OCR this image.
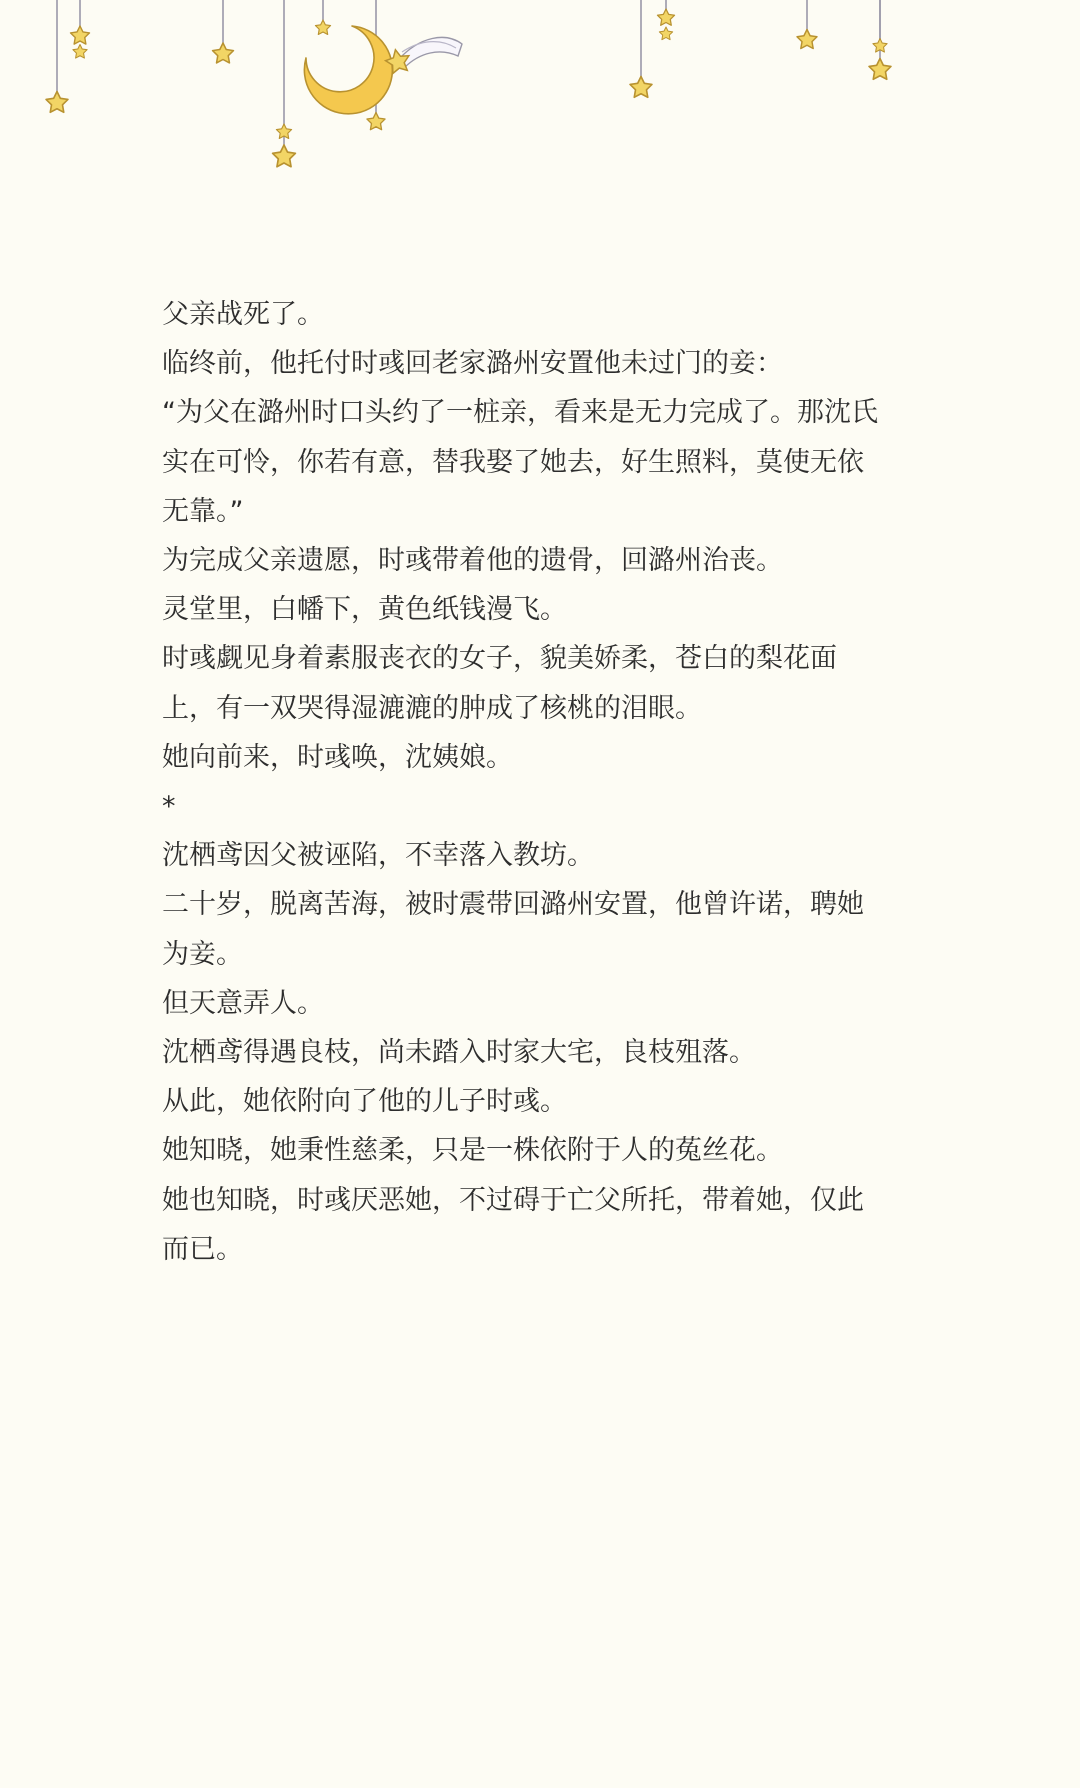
父亲战死了。

临终前，他托付时彧回老家潞州安置他未过门的妾：

“为父在潞州时口头约了一桩亲，看来是无力完成了。那沈氏

实在可怜，你若有意，替我娶了她去，好生照料，莫使无依

无靠。”

为完成父亲遗愿，时彧带着他的遗骨，回潞州治丧。

灵堂里，白幡下，黄色纸钱漫飞。

时彧觑见身着素服丧衣的女子，貌美娇柔，苍白的梨花面

上，有一双哭得湿漉漉的肿成了核桃的泪眼。

她向前来，时彧唤，沈姨娘。

*

沈栖鸢因父被诬陷，不幸落入教坊。

二十岁，脱离苦海，被时震带回潞州安置，他曾许诺，聘她

为妾。

但天意弄人。

沈栖鸢得遇良枝，尚未踏入时家大宅，良枝殂落。

从此，她依附向了他的儿子时彧。

她知晓，她秉性慈柔，只是一株依附于人的菟丝花。

她也知晓，时彧厌恶她，不过碍于亡父所托，带着她，仅此

而已。
